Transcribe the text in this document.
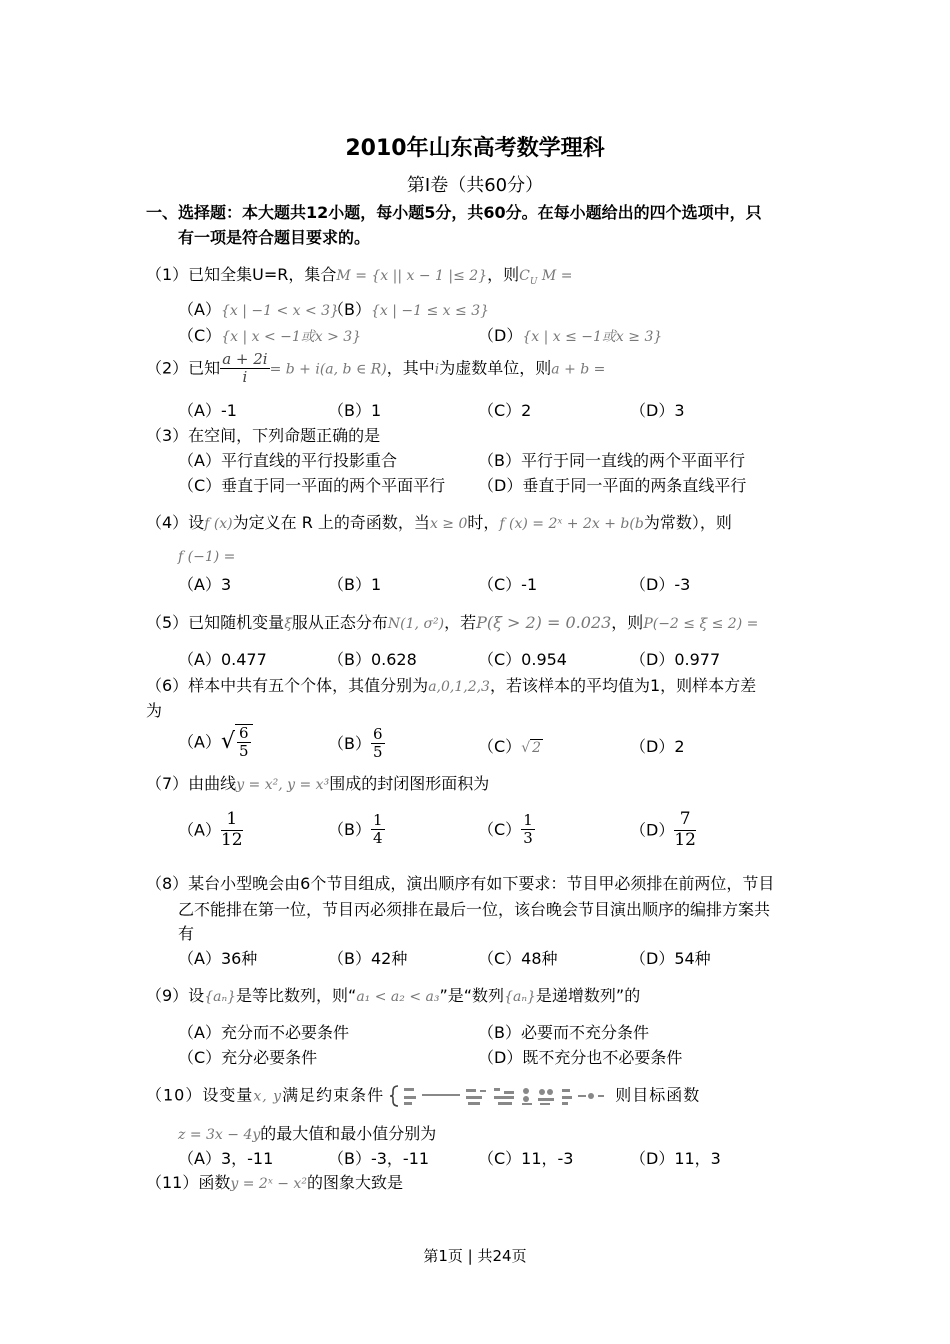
2010年山东高考数学理科
第Ⅰ卷（共60分）
一、选择题：本大题共12小题，每小题5分，共60分。在每小题给出的四个选项中，只
有一项是符合题目要求的。
（1）已知全集U=R，集合M = {x || x − 1 |≤ 2}，则$C_U$ M =
（A）{x | −1 < x < 3}
（B）{x | −1 ≤ x ≤ 3}
（C）{x | x < −1或x > 3}	（D）{x | x ≤ −1或x ≥ 3}
（2）已知 $\frac{a + 2i}{i} = b + i(a$, b ∈ R)，其中i为虚数单位，则a + b =
（A）-1	（B）1	（C）2	（D）3
（3）在空间，下列命题正确的是
（A）平行直线的平行投影重合	（B）平行于同一直线的两个平面平行
（C）垂直于同一平面的两个平面平行 （D）垂直于同一平面的两条直线平行
（4）设f (x)为定义在 R 上的奇函数，当x ≥ 0时，f (x) = 2ˣ + 2x + b(b为常数），则
f (−1) =
（A）3	（B）1	（C）-1	（D）-3
（5）已知随机变量ξ服从正态分布N(1, σ²)，若P(ξ > 2) = 0.023，则P(−2 ≤ ξ ≤ 2) =
（A）0.477	（B）0.628	（C）0.954	（D）0.977
（6）样本中共有五个个体，其值分别为a,0,1,2,3，若该样本的平均值为1，则样本方差
为
$(A)√ \frac{6}{5}$	$(B) \frac{6}{5}$	（C）√ 2	（D）2
（7）由曲线y = x², y = x³围成的封闭图形面积为
$(A) \frac{1}{12}$	$(B) \frac{1}{4}$	$(C) \frac{1}{3}$	$(D) \frac{7}{12}$
（8）某台小型晚会由6个节目组成，演出顺序有如下要求：节目甲必须排在前两位，节目
乙不能排在第一位，节目丙必须排在最后一位，该台晚会节目演出顺序的编排方案共
有
（A）36种	（B）42种	（C）48种	（D）54种
（9）设{aₙ}是等比数列，则“a₁ < a₂ < a₃”是“数列{aₙ}是递增数列”的
（A）充分而不必要条件	（B）必要而不充分条件
（C）充分必要条件	（D）既不充分也不必要条件
（10）设变量x, y满足约束条件	则目标函数
z = 3x − 4y的最大值和最小值分别为
（A）3，-11	（B）-3，-11	（C）11，-3	（D）11，3
（11）函数y = 2ˣ − x²的图象大致是
第1页 | 共24页
